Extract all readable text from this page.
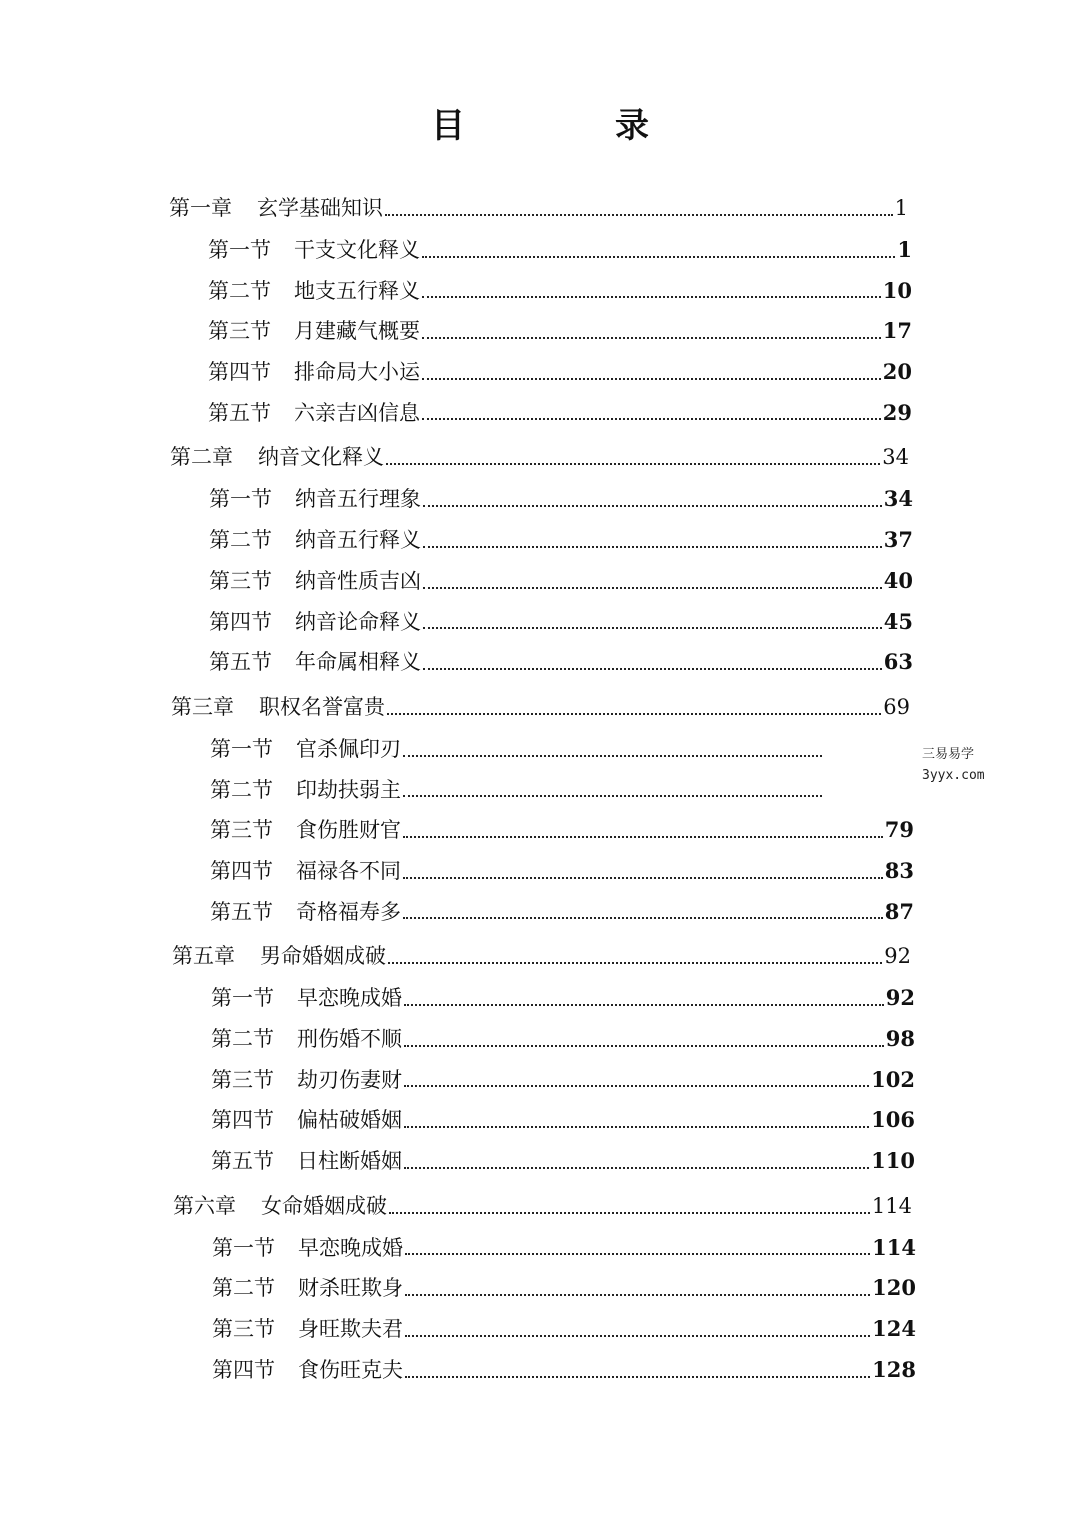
目　录
第一章 玄学基础知识	1
第一节 干支文化释义	1
第二节 地支五行释义	10
第三节 月建藏气概要	17
第四节 排命局大小运	20
第五节 六亲吉凶信息	29
第二章 纳音文化释义	34
第一节 纳音五行理象	34
第二节 纳音五行释义	37
第三节 纳音性质吉凶	40
第四节 纳音论命释义	45
第五节 年命属相释义	63
第三章 职权名誉富贵	69
第一节 官杀佩印刃
第二节 印劫扶弱主
第三节 食伤胜财官	79
第四节 福禄各不同	83
第五节 奇格福寿多	87
第五章 男命婚姻成破	92
第一节 早恋晚成婚	92
第二节 刑伤婚不顺	98
第三节 劫刃伤妻财	102
第四节 偏枯破婚姻	106
第五节 日柱断婚姻	110
第六章 女命婚姻成破	114
第一节 早恋晚成婚	114
第二节 财杀旺欺身	120
第三节 身旺欺夫君	124
第四节 食伤旺克夫	128
三易易学
3yyx.com
